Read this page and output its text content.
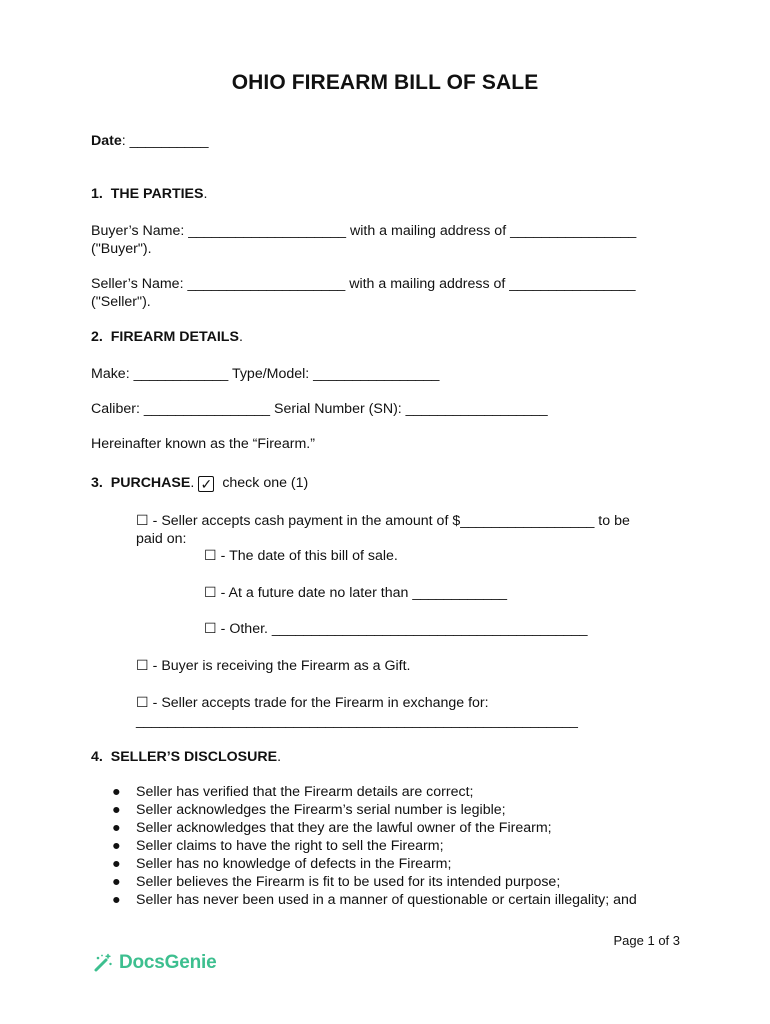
OHIO FIREARM BILL OF SALE
Date: __________
1. THE PARTIES.
Buyer’s Name: ____________________ with a mailing address of ________________
("Buyer").
Seller’s Name: ____________________ with a mailing address of ________________
("Seller").
2. FIREARM DETAILS.
Make: ____________ Type/Model: ________________
Caliber: ________________ Serial Number (SN): __________________
Hereinafter known as the “Firearm.”
3. PURCHASE. ✓ check one (1)
☐ - Seller accepts cash payment in the amount of $_________________ to be
paid on:
☐ - The date of this bill of sale.
☐ - At a future date no later than ____________
☐ - Other. ________________________________________
☐ - Buyer is receiving the Firearm as a Gift.
☐ - Seller accepts trade for the Firearm in exchange for:
________________________________________________________
4. SELLER’S DISCLOSURE.
● Seller has verified that the Firearm details are correct;
● Seller acknowledges the Firearm’s serial number is legible;
● Seller acknowledges that they are the lawful owner of the Firearm;
● Seller claims to have the right to sell the Firearm;
● Seller has no knowledge of defects in the Firearm;
● Seller believes the Firearm is fit to be used for its intended purpose;
● Seller has never been used in a manner of questionable or certain illegality; and
Page 1 of 3
DocsGenie
